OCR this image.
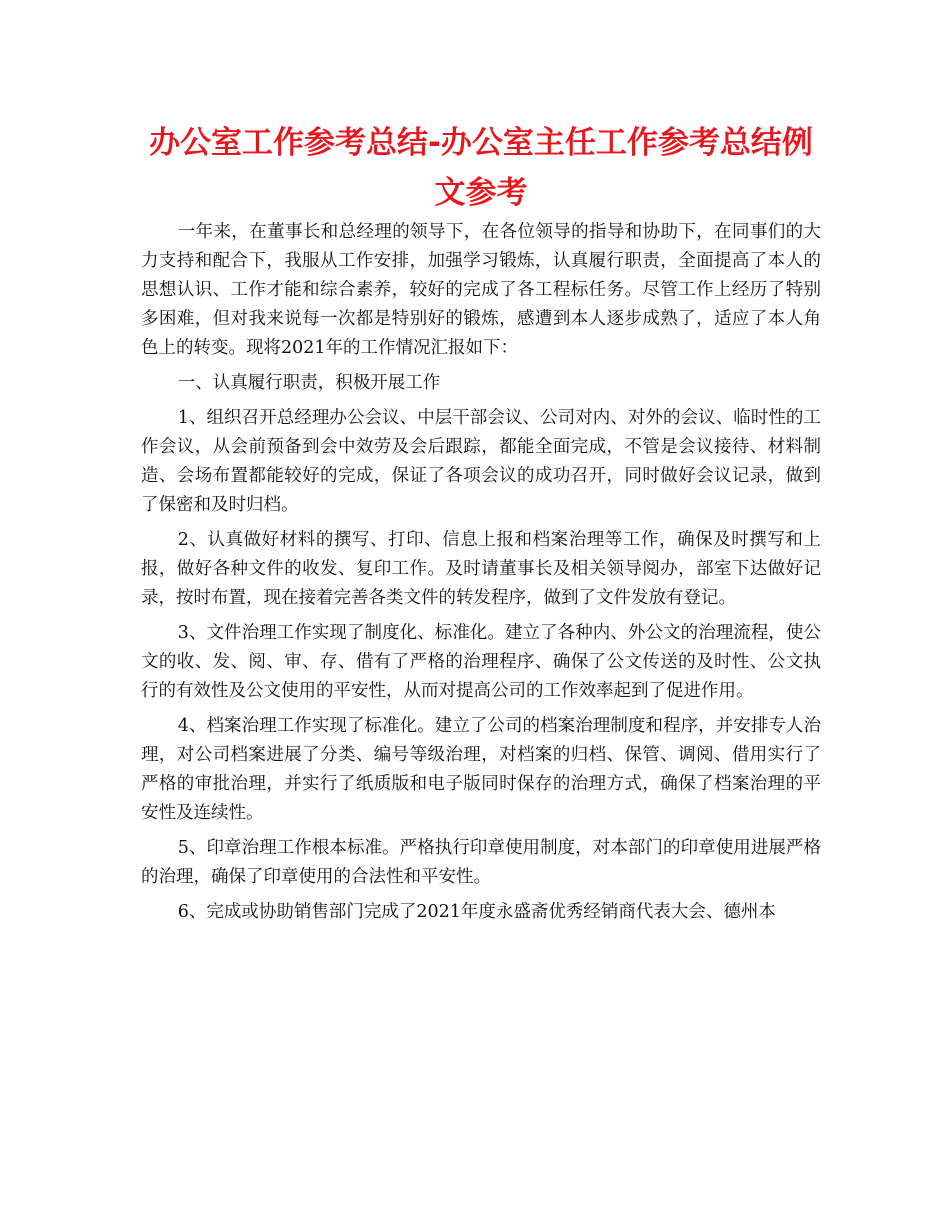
办公室工作参考总结-办公室主任工作参考总结例
文参考

一年来，在董事长和总经理的领导下，在各位领导的指导和协助下，在同事们的大力支持和配合下，我服从工作安排，加强学习锻炼，认真履行职责，全面提高了本人的思想认识、工作才能和综合素养，较好的完成了各工程标任务。尽管工作上经历了特别多困难，但对我来说每一次都是特别好的锻炼，感遭到本人逐步成熟了，适应了本人角色上的转变。现将2021年的工作情况汇报如下：

一、认真履行职责，积极开展工作

1、组织召开总经理办公会议、中层干部会议、公司对内、对外的会议、临时性的工作会议，从会前预备到会中效劳及会后跟踪，都能全面完成，不管是会议接待、材料制造、会场布置都能较好的完成，保证了各项会议的成功召开，同时做好会议记录，做到了保密和及时归档。

2、认真做好材料的撰写、打印、信息上报和档案治理等工作，确保及时撰写和上报，做好各种文件的收发、复印工作。及时请董事长及相关领导阅办，部室下达做好记录，按时布置，现在接着完善各类文件的转发程序，做到了文件发放有登记。

3、文件治理工作实现了制度化、标准化。建立了各种内、外公文的治理流程，使公文的收、发、阅、审、存、借有了严格的治理程序、确保了公文传送的及时性、公文执行的有效性及公文使用的平安性，从而对提高公司的工作效率起到了促进作用。

4、档案治理工作实现了标准化。建立了公司的档案治理制度和程序，并安排专人治理，对公司档案进展了分类、编号等级治理，对档案的归档、保管、调阅、借用实行了严格的审批治理，并实行了纸质版和电子版同时保存的治理方式，确保了档案治理的平安性及连续性。

5、印章治理工作根本标准。严格执行印章使用制度，对本部门的印章使用进展严格的治理，确保了印章使用的合法性和平安性。

6、完成或协助销售部门完成了2021年度永盛斋优秀经销商代表大会、德州本
